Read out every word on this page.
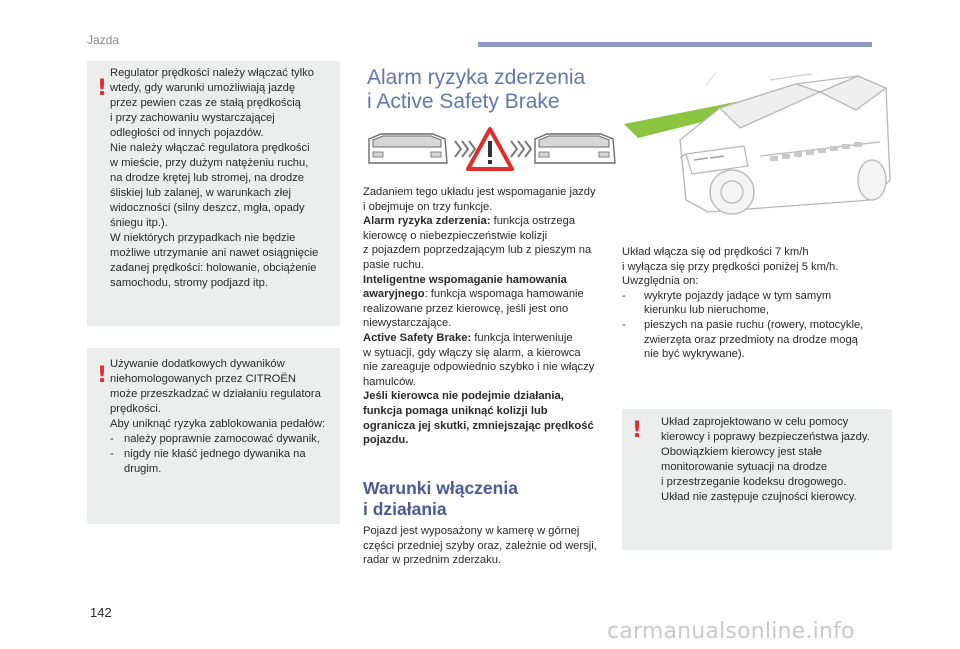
Jazda
!

Regulator prędkości należy włączać tylko

wtedy, gdy warunki umożliwiają jazdę

przez pewien czas ze stałą prędkością

i przy zachowaniu wystarczającej

odległości od innych pojazdów.

Nie należy włączać regulatora prędkości

w mieście, przy dużym natężeniu ruchu,

na drodze krętej lub stromej, na drodze

śliskiej lub zalanej, w warunkach złej

widoczności (silny deszcz, mgła, opady

śniegu itp.).

W niektórych przypadkach nie będzie

możliwe utrzymanie ani nawet osiągnięcie

zadanej prędkości: holowanie, obciążenie

samochodu, stromy podjazd itp.

! Używanie dodatkowych dywaników

niehomologowanych przez CITROËN

może przeszkadzać w działaniu regulatora

prędkości.

Aby uniknąć ryzyka zablokowania pedałów:

- należy poprawnie zamocować dywanik,
- nigdy nie kłaść jednego dywanika na
drugim.
Alarm ryzyka zderzenia
i Active Safety Brake

Zadaniem tego układu jest wspomaganie jazdy

i obejmuje on trzy funkcje.

Alarm ryzyka zderzenia: funkcja ostrzega

kierowcę o niebezpieczeństwie kolizji

z pojazdem poprzedzającym lub z pieszym na

pasie ruchu.

Inteligentne wspomaganie hamowania

awaryjnego: funkcja wspomaga hamowanie

realizowane przez kierowcę, jeśli jest ono

niewystarczające.

Active Safety Brake: funkcja interweniuje

w sytuacji, gdy włączy się alarm, a kierowca

nie zareaguje odpowiednio szybko i nie włączy

hamulców.

Jeśli kierowca nie podejmie działania,

funkcja pomaga uniknąć kolizji lub

ogranicza jej skutki, zmniejszając prędkość

pojazdu.

Warunki włączenia
i działania

Pojazd jest wyposażony w kamerę w górnej

części przedniej szyby oraz, zależnie od wersji,

radar w przednim zderzaku.

Układ włącza się od prędkości 7 km/h

i wyłącza się przy prędkości poniżej 5 km/h.

Uwzględnia on:

-	wykryte pojazdy jadące w tym samym
kierunku lub nieruchome,
-	pieszych na pasie ruchu (rowery, motocykle,
zwierzęta oraz przedmioty na drodze mogą
nie być wykrywane).
! Układ zaprojektowano w celu pomocy

kierowcy i poprawy bezpieczeństwa jazdy.

Obowiązkiem kierowcy jest stałe

monitorowanie sytuacji na drodze

i przestrzeganie kodeksu drogowego.

Układ nie zastępuje czujności kierowcy.

142
carmanualsonline.info
